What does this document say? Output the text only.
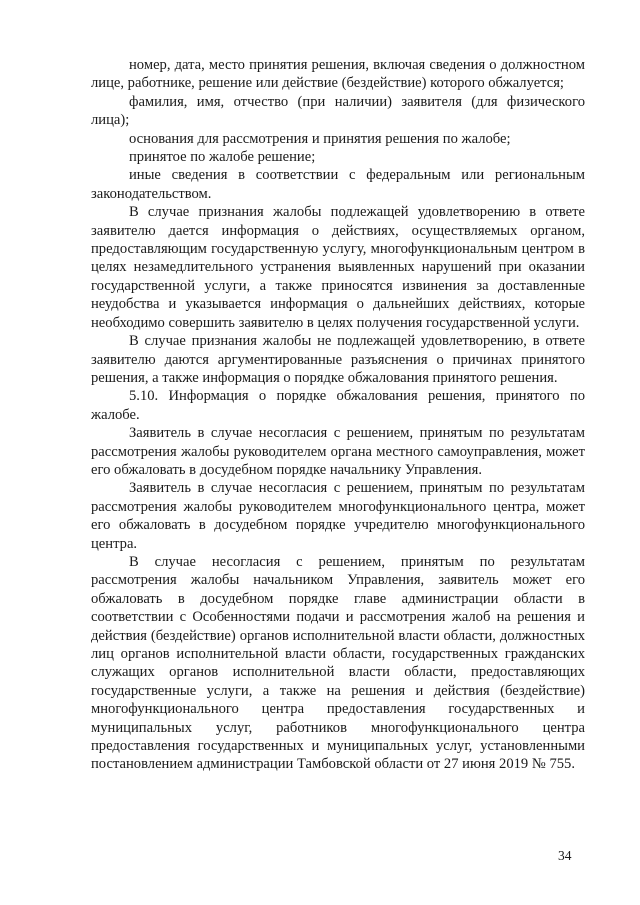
номер, дата, место принятия решения, включая сведения о должностном лице, работнике, решение или действие (бездействие) которого обжалуется;

фамилия, имя, отчество (при наличии) заявителя (для физического лица);

основания для рассмотрения и принятия решения по жалобе;

принятое по жалобе решение;

иные сведения в соответствии с федеральным или региональным законодательством.

В случае признания жалобы подлежащей удовлетворению в ответе заявителю дается информация о действиях, осуществляемых органом, предоставляющим государственную услугу, многофункциональным центром в целях незамедлительного устранения выявленных нарушений при оказании государственной услуги, а также приносятся извинения за доставленные неудобства и указывается информация о дальнейших действиях, которые необходимо совершить заявителю в целях получения государственной услуги.

В случае признания жалобы не подлежащей удовлетворению, в ответе заявителю даются аргументированные разъяснения о причинах принятого решения, а также информация о порядке обжалования принятого решения.

5.10. Информация о порядке обжалования решения, принятого по жалобе.

Заявитель в случае несогласия с решением, принятым по результатам рассмотрения жалобы руководителем органа местного самоуправления, может его обжаловать в досудебном порядке начальнику Управления.

Заявитель в случае несогласия с решением, принятым по результатам рассмотрения жалобы руководителем многофункционального центра, может его обжаловать в досудебном порядке учредителю многофункционального центра.

В случае несогласия с решением, принятым по результатам рассмотрения жалобы начальником Управления, заявитель может его обжаловать в досудебном порядке главе администрации области в соответствии с Особенностями подачи и рассмотрения жалоб на решения и действия (бездействие) органов исполнительной власти области, должностных лиц органов исполнительной власти области, государственных гражданских служащих органов исполнительной власти области, предоставляющих государственные услуги, а также на решения и действия (бездействие) многофункционального центра предоставления государственных и муниципальных услуг, работников многофункционального центра предоставления государственных и муниципальных услуг, установленными постановлением администрации Тамбовской области от 27 июня 2019 № 755.

34
